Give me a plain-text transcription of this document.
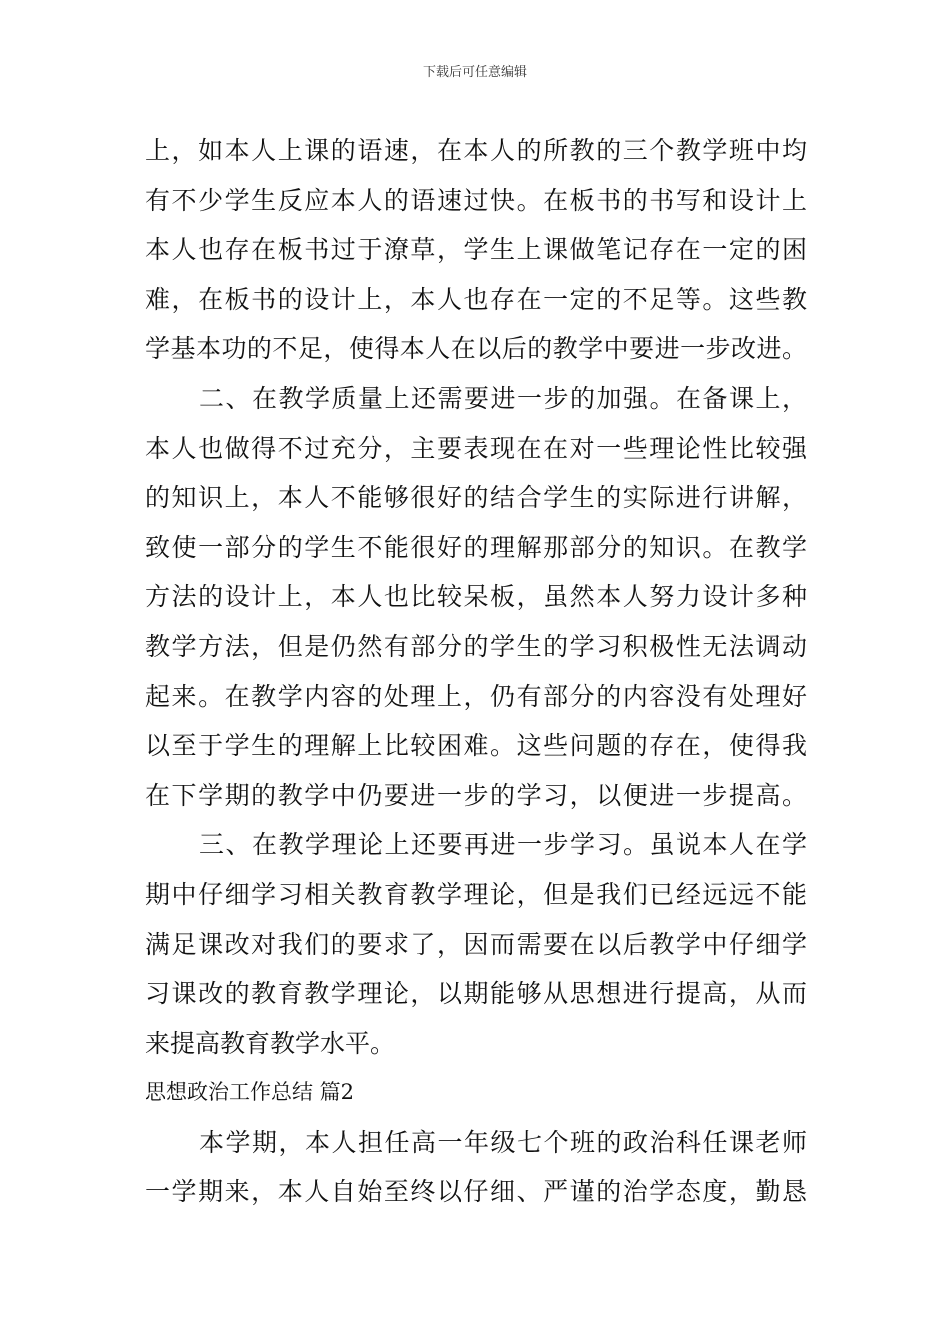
下载后可任意编辑
上，如本人上课的语速，在本人的所教的三个教学班中均
有不少学生反应本人的语速过快。在板书的书写和设计上
本人也存在板书过于潦草，学生上课做笔记存在一定的困
难，在板书的设计上，本人也存在一定的不足等。这些教
学基本功的不足，使得本人在以后的教学中要进一步改进。
二、在教学质量上还需要进一步的加强。在备课上，
本人也做得不过充分，主要表现在在对一些理论性比较强
的知识上，本人不能够很好的结合学生的实际进行讲解，
致使一部分的学生不能很好的理解那部分的知识。在教学
方法的设计上，本人也比较呆板，虽然本人努力设计多种
教学方法，但是仍然有部分的学生的学习积极性无法调动
起来。在教学内容的处理上，仍有部分的内容没有处理好
以至于学生的理解上比较困难。这些问题的存在，使得我
在下学期的教学中仍要进一步的学习，以便进一步提高。
三、在教学理论上还要再进一步学习。虽说本人在学
期中仔细学习相关教育教学理论，但是我们已经远远不能
满足课改对我们的要求了，因而需要在以后教学中仔细学
习课改的教育教学理论，以期能够从思想进行提高，从而
来提高教育教学水平。
思想政治工作总结 篇2
本学期，本人担任高一年级七个班的政治科任课老师
一学期来，本人自始至终以仔细、严谨的治学态度，勤恳
